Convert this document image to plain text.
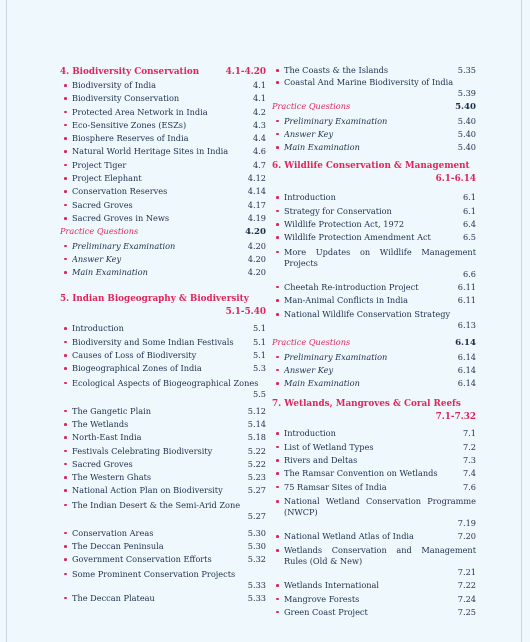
4. Biodiversity Conservation	4.1-4.20
Biodiversity of India	4.1
Biodiversity Conservation	4.1
Protected Area Network in India	4.2
Eco-Sensitive Zones (ESZs)	4.3
Biosphere Reserves of India	4.4
Natural World Heritage Sites in India	4.6
Project Tiger	4.7
Project Elephant	4.12
Conservation Reserves	4.14
Sacred Groves	4.17
Sacred Groves in News	4.19
Practice Questions	4.20
Preliminary Examination	4.20
Answer Key	4.20
Main Examination	4.20
5. Indian Biogeography & Biodiversity
5.1-5.40
Introduction	5.1
Biodiversity and Some Indian Festivals	5.1
Causes of Loss of Biodiversity	5.1
Biogeographical Zones of India	5.3
Ecological Aspects of Biogeographical Zones
5.5
The Gangetic Plain	5.12
The Wetlands	5.14
North-East India	5.18
Festivals Celebrating Biodiversity	5.22
Sacred Groves	5.22
The Western Ghats	5.23
National Action Plan on Biodiversity	5.27
The Indian Desert & the Semi-Arid Zone
5.27
Conservation Areas	5.30
The Deccan Peninsula	5.30
Government Conservation Efforts	5.32
Some Prominent Conservation Projects
5.33
The Deccan Plateau	5.33
The Coasts & the Islands	5.35
Coastal And Marine Biodiversity of India
5.39
Practice Questions	5.40
Preliminary Examination	5.40
Answer Key	5.40
Main Examination	5.40
6. Wildlife Conservation & Management
6.1-6.14
Introduction	6.1
Strategy for Conservation	6.1
Wildlife Protection Act, 1972	6.4
Wildlife Protection Amendment Act	6.5
More Updates on Wildlife Management Projects
6.6
Cheetah Re-introduction Project	6.11
Man-Animal Conflicts in India	6.11
National Wildlife Conservation Strategy
6.13
Practice Questions	6.14
Preliminary Examination	6.14
Answer Key	6.14
Main Examination	6.14
7. Wetlands, Mangroves & Coral Reefs
7.1-7.32
Introduction	7.1
List of Wetland Types	7.2
Rivers and Deltas	7.3
The Ramsar Convention on Wetlands	7.4
75 Ramsar Sites of India	7.6
National Wetland Conservation Programme (NWCP)
7.19
National Wetland Atlas of India	7.20
Wetlands Conservation and Management Rules (Old & New)
7.21
Wetlands International	7.22
Mangrove Forests	7.24
Green Coast Project	7.25
